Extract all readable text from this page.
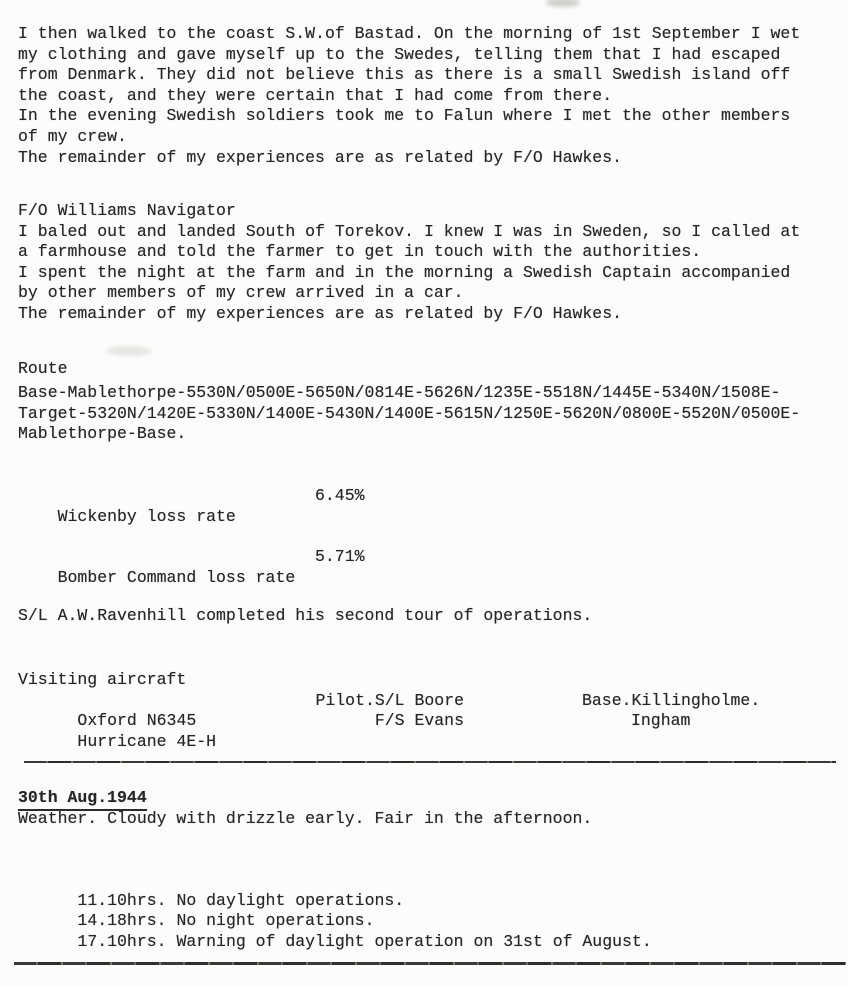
I then walked to the coast S.W.of Bastad. On the morning of 1st September I wet
my clothing and gave myself up to the Swedes, telling them that I had escaped
from Denmark. They did not believe this as there is a small Swedish island off
the coast, and they were certain that I had come from there.
In the evening Swedish soldiers took me to Falun where I met the other members
of my crew.
The remainder of my experiences are as related by F/O Hawkes.
F/O Williams Navigator
I baled out and landed South of Torekov. I knew I was in Sweden, so I called at
a farmhouse and told the farmer to get in touch with the authorities.
I spent the night at the farm and in the morning a Swedish Captain accompanied
by other members of my crew arrived in a car.
The remainder of my experiences are as related by F/O Hawkes.
Route
Base-Mablethorpe-5530N/0500E-5650N/0814E-5626N/1235E-5518N/1445E-5340N/1508E-
Target-5320N/1420E-5330N/1400E-5430N/1400E-5615N/1250E-5620N/0800E-5520N/0500E-
Mablethorpe-Base.

Wickenby loss rate

6.45%

Bomber Command loss rate

5.71%

S/L A.W.Ravenhill completed his second tour of operations.
Visiting aircraft

Oxford N6345

Pilot.S/L Boore

	Base.Killingholme.

Hurricane 4E-H

F/S Evans

	Ingham

30th Aug.1944
Weather. Cloudy with drizzle early. Fair in the afternoon.

11.10hrs. No daylight operations.

14.18hrs. No night operations.

17.10hrs. Warning of daylight operation on 31st of August.
